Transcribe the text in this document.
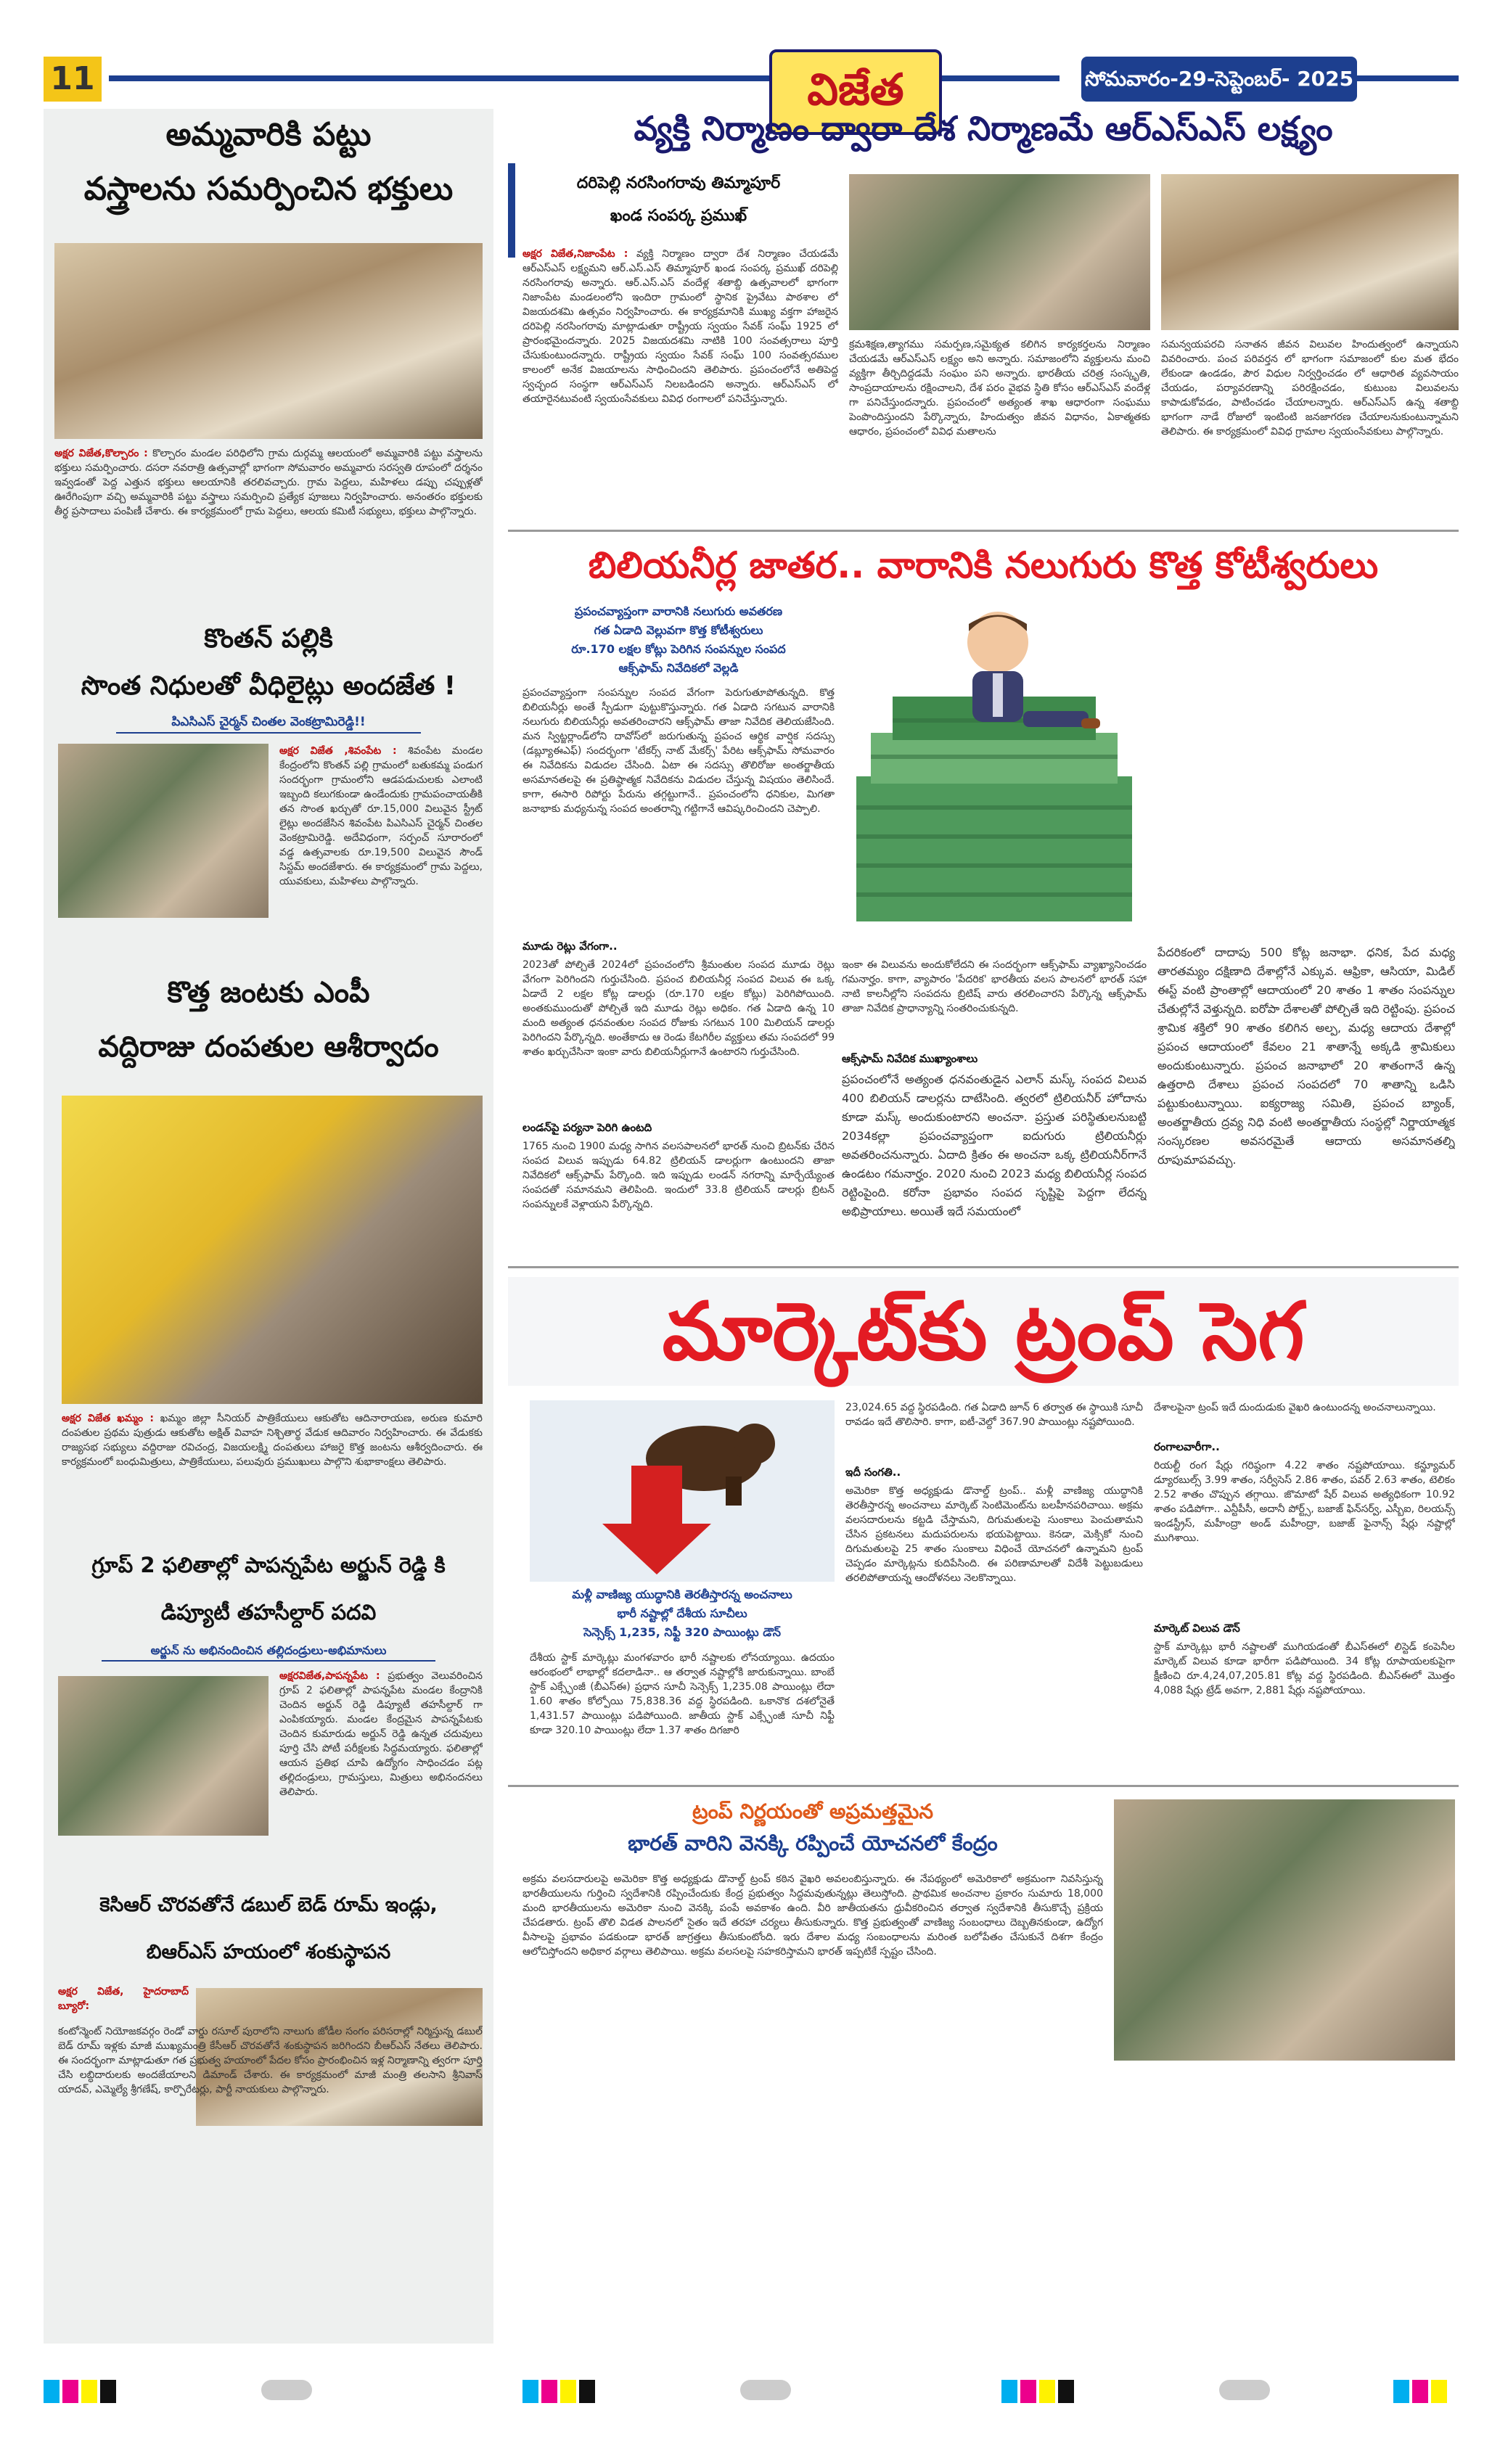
11	విజేత	సోమవారం-29-సెప్టెంబర్- 2025
అమ్మవారికి పట్టు
వస్త్రాలను సమర్పించిన భక్తులు
అక్షర విజేత,కొల్చారం : కొల్చారం మండల పరిధిలోని గ్రామ దుర్గమ్మ ఆలయంలో అమ్మవారికి పట్టు వస్త్రాలను భక్తులు సమర్పించారు. దసరా నవరాత్రి ఉత్సవాల్లో భాగంగా సోమవారం అమ్మవారు సరస్వతి రూపంలో దర్శనం ఇవ్వడంతో పెద్ద ఎత్తున భక్తులు ఆలయానికి తరలివచ్చారు. గ్రామ పెద్దలు, మహిళలు డప్పు చప్పుళ్లతో ఊరేగింపుగా వచ్చి అమ్మవారికి పట్టు వస్త్రాలు సమర్పించి ప్రత్యేక పూజలు నిర్వహించారు. అనంతరం భక్తులకు తీర్థ ప్రసాదాలు పంపిణీ చేశారు. ఈ కార్యక్రమంలో గ్రామ పెద్దలు, ఆలయ కమిటీ సభ్యులు, భక్తులు పాల్గొన్నారు.
కొంతన్ పల్లికి
సొంత నిధులతో వీధిలైట్లు అందజేత !
పిఎసిఎస్ చైర్మన్ చింతల వెంకట్రామిరెడ్డి!!
అక్షర విజేత ,శివంపేట : శివంపేట మండల కేంద్రంలోని కొంతన్ పల్లి గ్రామంలో బతుకమ్మ పండుగ సందర్భంగా గ్రామంలోని ఆడపడుచులకు ఎలాంటి ఇబ్బంది కలుగకుండా ఉండేందుకు గ్రామపంచాయతీకి తన సొంత ఖర్చుతో రూ.15,000 విలువైన స్ట్రీట్ లైట్లు అందజేసిన శివంపేట పిఎసిఎస్ చైర్మన్ చింతల వెంకట్రామిరెడ్డి. అదేవిధంగా, సర్పంచ్ సూరారంలో వడ్డ ఉత్సవాలకు రూ.19,500 విలువైన సౌండ్ సిస్టమ్ అందజేశారు. ఈ కార్యక్రమంలో గ్రామ పెద్దలు, యువకులు, మహిళలు పాల్గొన్నారు.
కొత్త జంటకు ఎంపీ
వద్దిరాజు దంపతుల ఆశీర్వాదం
అక్షర విజేత ఖమ్మం : ఖమ్మం జిల్లా సీనియర్ పాత్రికేయులు ఆకుతోట ఆదినారాయణ, అరుణ కుమారి దంపతుల ప్రథమ పుత్రుడు ఆకుతోట అక్షిత్ వివాహ నిశ్చితార్థ వేడుక ఆదివారం నిర్వహించారు. ఈ వేడుకకు రాజ్యసభ సభ్యులు వద్దిరాజు రవిచంద్ర, విజయలక్ష్మి దంపతులు హాజరై కొత్త జంటను ఆశీర్వదించారు. ఈ కార్యక్రమంలో బంధుమిత్రులు, పాత్రికేయులు, పలువురు ప్రముఖులు పాల్గొని శుభాకాంక్షలు తెలిపారు.
గ్రూప్ 2 ఫలితాల్లో పాపన్నపేట అర్జున్ రెడ్డి కి
డిప్యూటీ తహసీల్దార్ పదవి
అర్జున్ ను అభినందించిన తల్లిదండ్రులు-అభిమానులు
అక్షరవిజేత,పాపన్నపేట : ప్రభుత్వం వెలువరించిన గ్రూప్ 2 ఫలితాల్లో పాపన్నపేట మండల కేంద్రానికి చెందిన అర్జున్ రెడ్డి డిప్యూటీ తహసీల్దార్ గా ఎంపికయ్యారు. మండల కేంద్రమైన పాపన్నపేటకు చెందిన కుమారుడు అర్జున్ రెడ్డి ఉన్నత చదువులు పూర్తి చేసి పోటీ పరీక్షలకు సిద్ధమయ్యారు. ఫలితాల్లో ఆయన ప్రతిభ చూపి ఉద్యోగం సాధించడం పట్ల తల్లిదండ్రులు, గ్రామస్తులు, మిత్రులు అభినందనలు తెలిపారు.
కెసిఆర్ చొరవతోనే డబుల్ బెడ్ రూమ్ ఇండ్లు,
బిఆర్ఎస్ హయంలో శంకుస్థాపన
అక్షర విజేత, హైదరాబాద్ బ్యూరో:
కంటోన్మెంట్ నియోజకవర్గం రెండో వార్డు రసూల్ పురాలోని నాలుగు జోడీల సంగం పరిసరాల్లో నిర్మిస్తున్న డబుల్ బెడ్ రూమ్ ఇళ్లకు మాజీ ముఖ్యమంత్రి కేసీఆర్ చొరవతోనే శంకుస్థాపన జరిగిందని బీఆర్ఎస్ నేతలు తెలిపారు. ఈ సందర్భంగా మాట్లాడుతూ గత ప్రభుత్వ హయాంలో పేదల కోసం ప్రారంభించిన ఇళ్ల నిర్మాణాన్ని త్వరగా పూర్తి చేసి లబ్ధిదారులకు అందజేయాలని డిమాండ్ చేశారు. ఈ కార్యక్రమంలో మాజీ మంత్రి తలసాని శ్రీనివాస్ యాదవ్, ఎమ్మెల్యే శ్రీగణేష్, కార్పొరేటర్లు, పార్టీ నాయకులు పాల్గొన్నారు.
వ్యక్తి నిర్మాణం ద్వారా దేశ నిర్మాణమే ఆర్ఎస్ఎస్ లక్ష్యం
దరిపెల్లి నరసింగరావు తిమ్మాపూర్
ఖండ సంపర్క ప్రముఖ్
అక్షర విజేత,నిజాంపేట : వ్యక్తి నిర్మాణం ద్వారా దేశ నిర్మాణం చేయడమే ఆర్ఎస్ఎస్ లక్ష్యమని ఆర్.ఎస్.ఎస్ తిమ్మాపూర్ ఖండ సంపర్క ప్రముఖ్ దరిపెల్లి నరసింగరావు అన్నారు. ఆర్.ఎస్.ఎస్ వందేళ్ల శతాబ్ది ఉత్సవాలలో భాగంగా నిజాంపేట మండలంలోని ఇందిరా గ్రామంలో స్థానిక ప్రైవేటు పాఠశాల లో విజయదశమి ఉత్సవం నిర్వహించారు. ఈ కార్యక్రమానికి ముఖ్య వక్తగా హాజరైన దరిపెల్లి నరసింగరావు మాట్లాడుతూ రాష్ట్రీయ స్వయం సేవక్ సంఘ్ 1925 లో ప్రారంభమైందన్నారు. 2025 విజయదశమి నాటికి 100 సంవత్సరాలు పూర్తి చేసుకుంటుందన్నారు. రాష్ట్రీయ స్వయం సేవక్ సంఘ్ 100 సంవత్సరముల కాలంలో అనేక విజయాలను సాధించిందని తెలిపారు. ప్రపంచంలోనే అతిపెద్ద స్వచ్ఛంద సంస్థగా ఆర్ఎస్ఎస్ నిలబడిందని అన్నారు. ఆర్ఎస్ఎస్ లో తయారైనటువంటి స్వయంసేవకులు వివిధ రంగాలలో పనిచేస్తున్నారు.
క్రమశిక్షణ,త్యాగము సమర్పణ,సమైక్యత కలిగిన కార్యకర్తలను నిర్మాణం చేయడమే ఆర్ఎస్ఎస్ లక్ష్యం అని అన్నారు. సమాజంలోని వ్యక్తులను మంచి వ్యక్తిగా తీర్చిదిద్దడమే సంఘం పని అన్నారు. భారతీయ చరిత్ర సంస్కృతి, సాంప్రదాయాలను రక్షించాలని, దేశ పరం వైభవ స్థితి కోసం ఆర్ఎస్ఎస్ వందేళ్ల గా పనిచేస్తుందన్నారు. ప్రపంచంలో అత్యంత శాఖ ఆధారంగా సంఘము పెంపొందిస్తుందని పేర్కొన్నారు, హిందుత్వం జీవన విధానం, ఏకాత్మతకు ఆధారం, ప్రపంచంలో వివిధ మతాలను
సమన్వయపరచి సనాతన జీవన విలువల హిందుత్వంలో ఉన్నాయని వివరించారు. పంచ పరివర్తన లో భాగంగా సమాజంలో కుల మత భేదం లేకుండా ఉండడం, పౌర విధుల నిర్వర్తించడం లో ఆధారిత వ్యవసాయం చేయడం, పర్యావరణాన్ని పరిరక్షించడం, కుటుంబ విలువలను కాపాడుకోవడం, పాటించడం చేయాలన్నారు. ఆర్ఎస్ఎస్ ఉన్న శతాబ్ది భాగంగా నాడే రోజులో ఇంటింటి జనజాగరణ చేయాలనుకుంటున్నామని తెలిపారు. ఈ కార్యక్రమంలో వివిధ గ్రామాల స్వయంసేవకులు పాల్గొన్నారు.
బిలియనీర్ల జాతర.. వారానికి నలుగురు కొత్త కోటీశ్వరులు
ప్రపంచవ్యాప్తంగా వారానికి నలుగురు అవతరణ
గత ఏడాది వెల్లువగా కొత్త కోటీశ్వరులు
రూ.170 లక్షల కోట్లు పెరిగిన సంపన్నుల సంపద
ఆక్స్‌ఫామ్ నివేదికలో వెల్లడి
ప్రపంచవ్యాప్తంగా సంపన్నుల సంపద వేగంగా పెరుగుతూపోతున్నది. కొత్త బిలియనీర్లు అంతే స్పీడుగా పుట్టుకొస్తున్నారు. గత ఏడాది సగటున వారానికి నలుగురు బిలియనీర్లు అవతరించారని ఆక్స్‌ఫామ్ తాజా నివేదిక తెలియజేసింది. మన స్విట్జర్లాండ్‌లోని దావోస్‌లో జరుగుతున్న ప్రపంచ ఆర్థిక వార్షిక సదస్సు (డబ్ల్యూఈఎఫ్) సందర్భంగా 'టేకర్స్ నాట్ మేకర్స్' పేరిట ఆక్స్‌ఫామ్ సోమవారం ఈ నివేదికను విడుదల చేసింది. ఏటా ఈ సదస్సు తొలిరోజు అంతర్జాతీయ అసమానతలపై ఈ ప్రతిష్ఠాత్మక నివేదికను విడుదల చేస్తున్న విషయం తెలిసిందే. కాగా, ఈసారి రిపోర్టు పేరును తగ్గట్టుగానే.. ప్రపంచంలోని ధనికుల, మిగతా జనాభాకు మధ్యనున్న సంపద అంతరాన్ని గట్టిగానే ఆవిష్కరించిందని చెప్పాలి.
మూడు రెట్లు వేగంగా..
2023తో పోల్చితే 2024లో ప్రపంచంలోని శ్రీమంతుల సంపద మూడు రెట్లు వేగంగా పెరిగిందని గుర్తుచేసింది. ప్రపంచ బిలియనీర్ల సంపద విలువ ఈ ఒక్క ఏడాదే 2 లక్షల కోట్ల డాలర్లు (రూ.170 లక్షల కోట్లు) పెరిగిపోయింది. అంతకుముందుతో పోల్చితే ఇది మూడు రెట్లు అధికం. గత ఏడాది ఉన్న 10 మంది అత్యంత ధనవంతుల సంపద రోజుకు సగటున 100 మిలియన్ డాలర్లు పెరిగిందని పేర్కొన్నది. అంతేకాదు ఆ రెండు కేటగిరీల వ్యక్తులు తమ సంపదలో 99 శాతం ఖర్చుచేసినా ఇంకా వారు బిలియనీర్లుగానే ఉంటారని గుర్తుచేసింది.
లండన్‌పై పర్యనా పెరిగి ఉంటది
1765 నుంచి 1900 మధ్య సాగిన వలసపాలనలో భారత్ నుంచి బ్రిటన్‌కు చేరిన సంపద విలువ ఇప్పుడు 64.82 ట్రిలియన్ డాలర్లుగా ఉంటుందని తాజా నివేదికలో ఆక్స్‌ఫామ్ పేర్కొంది. ఇది ఇప్పుడు లండన్ నగరాన్ని మార్చేయ్యేంత సంపదతో సమానమని తెలిపింది. ఇందులో 33.8 ట్రిలియన్ డాలర్లు బ్రిటన్ సంపన్నులకే వెళ్లాయని పేర్కొన్నది.
ఇంకా ఈ విలువను అందుకోలేదని ఈ సందర్భంగా ఆక్స్‌ఫామ్ వ్యాఖ్యానించడం గమనార్హం. కాగా, వ్యాపారం 'పేదరిక' భారతీయ వలస పాలనలో భారత్ సహా నాటి కాలనీల్లోని సంపదను బ్రిటిష్ వారు తరలించారని పేర్కొన్న ఆక్స్‌ఫామ్ తాజా నివేదిక ప్రాధాన్యాన్ని సంతరించుకున్నది.
ఆక్స్‌ఫామ్ నివేదిక ముఖ్యాంశాలు
ప్రపంచంలోనే అత్యంత ధనవంతుడైన ఎలాన్ మస్క్ సంపద విలువ 400 బిలియన్ డాలర్లను దాటేసింది. త్వరలో ట్రిలియనీర్ హోదాను కూడా మస్క్ అందుకుంటారని అంచనా. ప్రస్తుత పరిస్థితులనుబట్టి 2034కల్లా ప్రపంచవ్యాప్తంగా ఐదుగురు ట్రిలియనీర్లు అవతరించనున్నారు. ఏదాది క్రితం ఈ అంచనా ఒక్క ట్రిలియనీర్‌గానే ఉండటం గమనార్హం. 2020 నుంచి 2023 మధ్య బిలియనీర్ల సంపద రెట్టింపైంది. కరోనా ప్రభావం సంపద సృష్టిపై పెద్దగా లేదన్న అభిప్రాయాలు. అయితే ఇదే సమయంలో
పేదరికంలో దాదాపు 500 కోట్ల జనాభా. ధనిక, పేద మధ్య తారతమ్యం దక్షిణాది దేశాల్లోనే ఎక్కువ. ఆఫ్రికా, ఆసియా, మిడిల్ ఈస్ట్ వంటి ప్రాంతాల్లో ఆదాయంలో 20 శాతం 1 శాతం సంపన్నుల చేతుల్లోనే వెళ్తున్నది. ఐరోపా దేశాలతో పోల్చితే ఇది రెట్టింపు. ప్రపంచ శ్రామిక శక్తిలో 90 శాతం కలిగిన అల్ప, మధ్య ఆదాయ దేశాల్లో ప్రపంచ ఆదాయంలో కేవలం 21 శాతాన్నే అక్కడి శ్రామికులు అందుకుంటున్నారు. ప్రపంచ జనాభాలో 20 శాతంగానే ఉన్న ఉత్తరాది దేశాలు ప్రపంచ సంపదలో 70 శాతాన్ని ఒడిసి పట్టుకుంటున్నాయి. ఐక్యరాజ్య సమితి, ప్రపంచ బ్యాంక్, అంతర్జాతీయ ద్రవ్య నిధి వంటి అంతర్జాతీయ సంస్థల్లో నిర్ణాయాత్మక సంస్కరణల అవసరమైతే ఆదాయ అసమానతల్ని రూపుమాపవచ్చు.
మార్కెట్‌కు ట్రంప్ సెగ
మళ్లీ వాణిజ్య యుద్ధానికి తెరతీస్తారన్న అంచనాలు
భారీ నష్టాల్లో దేశీయ సూచీలు
సెన్సెక్స్ 1,235, నిఫ్టీ 320 పాయింట్లు డౌన్
దేశీయ స్టాక్ మార్కెట్లు మంగళవారం భారీ నష్టాలకు లోనయ్యాయి. ఉదయం ఆరంభంలో లాభాల్లో కదలాడినా.. ఆ తర్వాత నష్టాల్లోకి జారుకున్నాయి. బాంబే స్టాక్ ఎక్స్ఛేంజీ (బీఎస్ఈ) ప్రధాన సూచీ సెన్సెక్స్ 1,235.08 పాయింట్లు లేదా 1.60 శాతం కోల్పోయి 75,838.36 వద్ద స్థిరపడింది. ఒకానొక దశలోనైతే 1,431.57 పాయింట్లు పడిపోయింది. జాతీయ స్టాక్ ఎక్స్ఛేంజీ సూచీ నిఫ్టీ కూడా 320.10 పాయింట్లు లేదా 1.37 శాతం దిగజారి
23,024.65 వద్ద స్థిరపడింది. గత ఏడాది జూన్ 6 తర్వాత ఈ స్థాయికి సూచీ రావడం ఇదే తొలిసారి. కాగా, ఐటీ-వెల్దో 367.90 పాయింట్లు నష్టపోయింది.
ఇదీ సంగతి..
అమెరికా కొత్త అధ్యక్షుడు డొనాల్డ్ ట్రంప్.. మళ్లీ వాణిజ్య యుద్ధానికి తెరతీస్తారన్న అంచనాలు మార్కెట్ సెంటిమెంట్‌ను బలహీనపరిచాయి. అక్రమ వలసదారులను కట్టడి చేస్తామని, దిగుమతులపై సుంకాలు పెంచుతామని చేసిన ప్రకటనలు మదుపరులను భయపెట్టాయి. కెనడా, మెక్సికో నుంచి దిగుమతులపై 25 శాతం సుంకాలు విధించే యోచనలో ఉన్నామని ట్రంప్ చెప్పడం మార్కెట్లను కుదిపేసింది. ఈ పరిణామాలతో విదేశీ పెట్టుబడులు తరలిపోతాయన్న ఆందోళనలు నెలకొన్నాయి.
దేశాలపైనా ట్రంప్ ఇదే దుందుడుకు వైఖరి ఉంటుందన్న అంచనాలున్నాయి.
రంగాలవారీగా..
రియల్టీ రంగ షేర్లు గరిష్ఠంగా 4.22 శాతం నష్టపోయాయి. కన్జ్యూమర్ డ్యూరబుల్స్ 3.99 శాతం, సర్వీసెస్ 2.86 శాతం, పవర్ 2.63 శాతం, టెలికం 2.52 శాతం చొప్పున తగ్గాయి. జొమాటో షేర్ విలువ అత్యధికంగా 10.92 శాతం పడిపోగా.. ఎన్టీపీసీ, అదానీ పోర్ట్స్, బజాజ్ ఫిన్‌సర్వ్, ఎస్బీఐ, రిలయన్స్ ఇండస్ట్రీస్, మహీంద్రా అండ్ మహీంద్రా, బజాజ్ ఫైనాన్స్ షేర్లు నష్టాల్లో ముగిశాయి.
మార్కెట్ విలువ డౌన్
స్టాక్ మార్కెట్లు భారీ నష్టాలతో ముగియడంతో బీఎస్ఈలో లిస్టెడ్ కంపెనీల మార్కెట్ విలువ కూడా భారీగా పడిపోయింది. 34 కోట్ల రూపాయలకుపైగా క్షీణించి రూ.4,24,07,205.81 కోట్ల వద్ద స్థిరపడింది. బీఎస్ఈలో మొత్తం 4,088 షేర్లు ట్రేడ్ అవగా, 2,881 షేర్లు నష్టపోయాయి.
ట్రంప్ నిర్ణయంతో అప్రమత్తమైన
భారత్ వారిని వెనక్కి రప్పించే యోచనలో కేంద్రం
అక్రమ వలసదారులపై అమెరికా కొత్త అధ్యక్షుడు డొనాల్డ్ ట్రంప్ కఠిన వైఖరి అవలంబిస్తున్నారు. ఈ నేపథ్యంలో అమెరికాలో అక్రమంగా నివసిస్తున్న భారతీయులను గుర్తించి స్వదేశానికి రప్పించేందుకు కేంద్ర ప్రభుత్వం సిద్ధమవుతున్నట్లు తెలుస్తోంది. ప్రాథమిక అంచనాల ప్రకారం సుమారు 18,000 మంది భారతీయులను అమెరికా నుంచి వెనక్కి పంపే అవకాశం ఉంది. వీరి జాతీయతను ధ్రువీకరించిన తర్వాత స్వదేశానికి తీసుకొచ్చే ప్రక్రియ చేపడతారు. ట్రంప్ తొలి విడత పాలనలో సైతం ఇదే తరహా చర్యలు తీసుకున్నారు. కొత్త ప్రభుత్వంతో వాణిజ్య సంబంధాలు దెబ్బతినకుండా, ఉద్యోగ వీసాలపై ప్రభావం పడకుండా భారత్ జాగ్రత్తలు తీసుకుంటోంది. ఇరు దేశాల మధ్య సంబంధాలను మరింత బలోపేతం చేసుకునే దిశగా కేంద్రం ఆలోచిస్తోందని అధికార వర్గాలు తెలిపాయి. అక్రమ వలసలపై సహకరిస్తామని భారత్ ఇప్పటికే స్పష్టం చేసింది.
